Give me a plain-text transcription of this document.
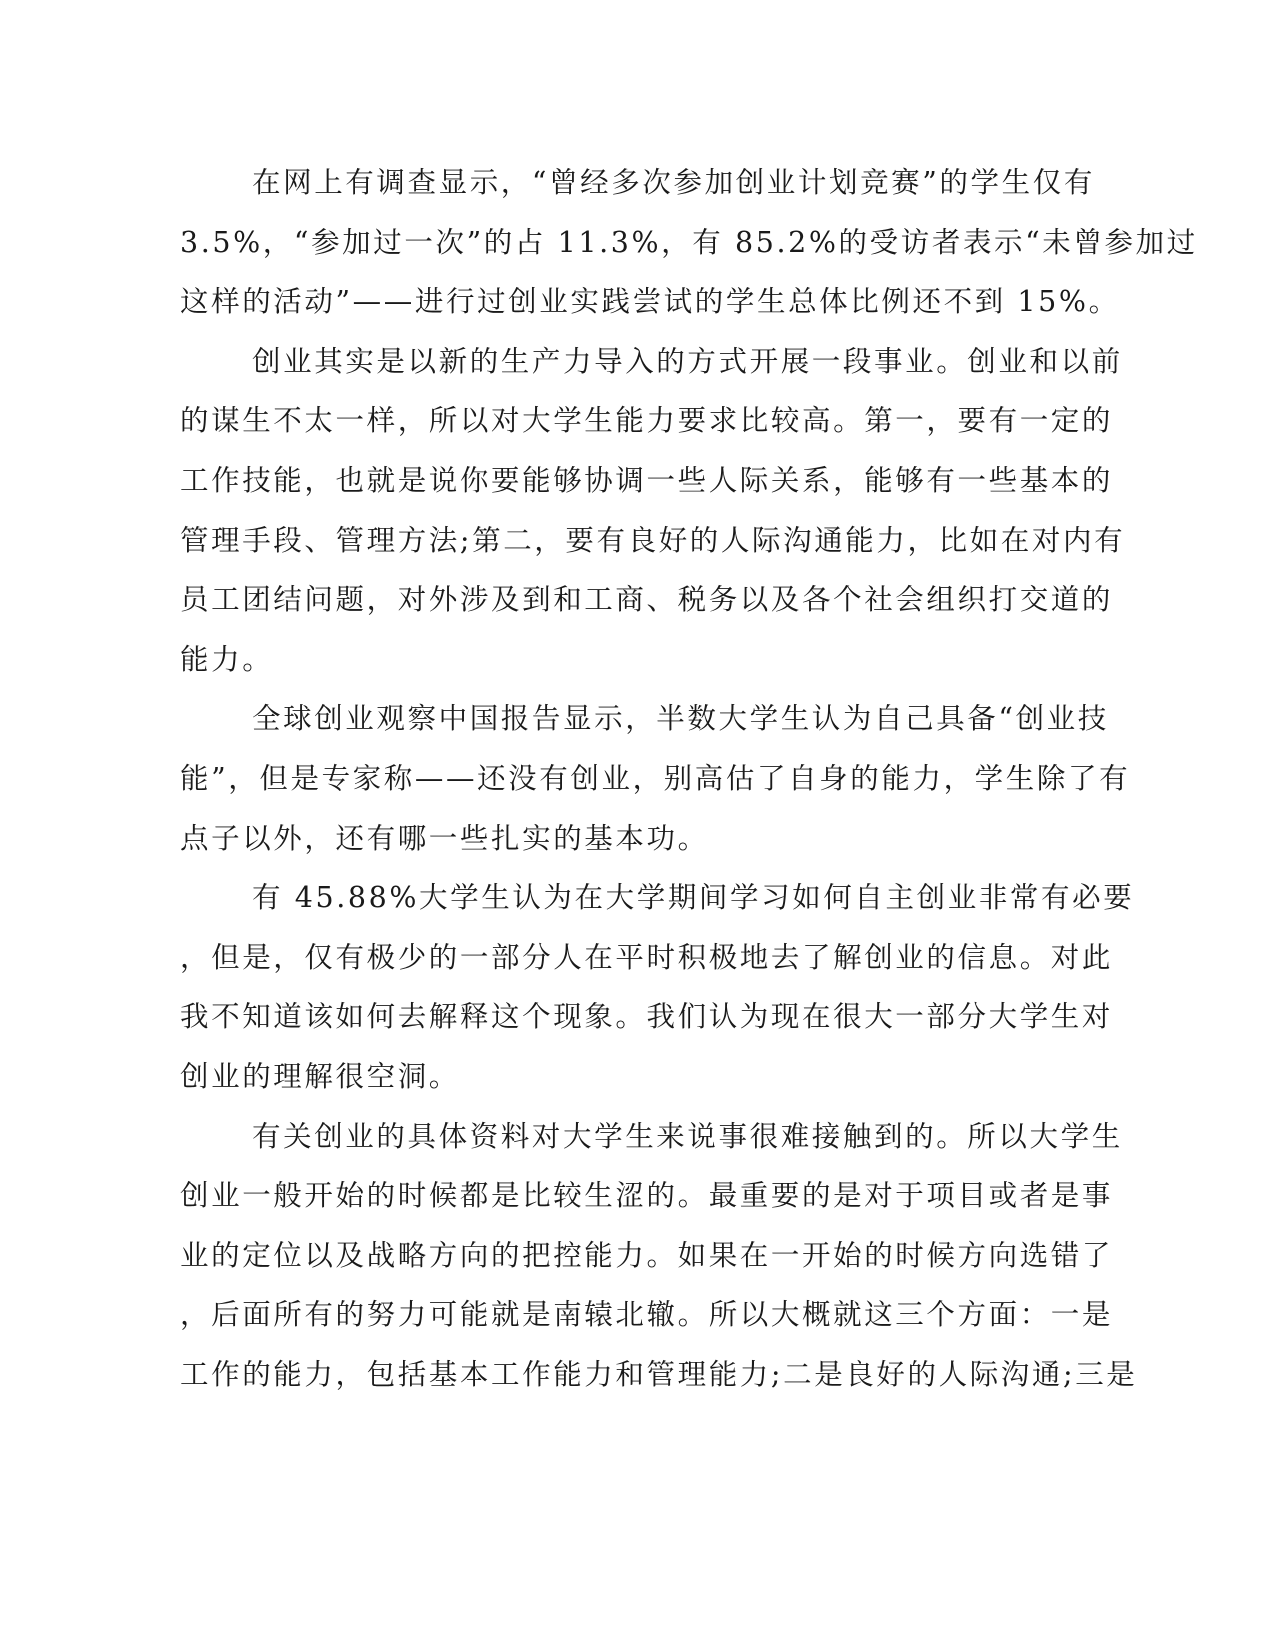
在网上有调查显示，“曾经多次参加创业计划竞赛”的学生仅有
3.5%，“参加过一次”的占 11.3%，有 85.2%的受访者表示“未曾参加过
这样的活动”——进行过创业实践尝试的学生总体比例还不到 15%。
创业其实是以新的生产力导入的方式开展一段事业。创业和以前
的谋生不太一样，所以对大学生能力要求比较高。第一，要有一定的
工作技能，也就是说你要能够协调一些人际关系，能够有一些基本的
管理手段、管理方法;第二，要有良好的人际沟通能力，比如在对内有
员工团结问题，对外涉及到和工商、税务以及各个社会组织打交道的
能力。
全球创业观察中国报告显示，半数大学生认为自己具备“创业技
能”，但是专家称——还没有创业，别高估了自身的能力，学生除了有
点子以外，还有哪一些扎实的基本功。
有 45.88%大学生认为在大学期间学习如何自主创业非常有必要
，但是，仅有极少的一部分人在平时积极地去了解创业的信息。对此
我不知道该如何去解释这个现象。我们认为现在很大一部分大学生对
创业的理解很空洞。
有关创业的具体资料对大学生来说事很难接触到的。所以大学生
创业一般开始的时候都是比较生涩的。最重要的是对于项目或者是事
业的定位以及战略方向的把控能力。如果在一开始的时候方向选错了
，后面所有的努力可能就是南辕北辙。所以大概就这三个方面：一是
工作的能力，包括基本工作能力和管理能力;二是良好的人际沟通;三是
